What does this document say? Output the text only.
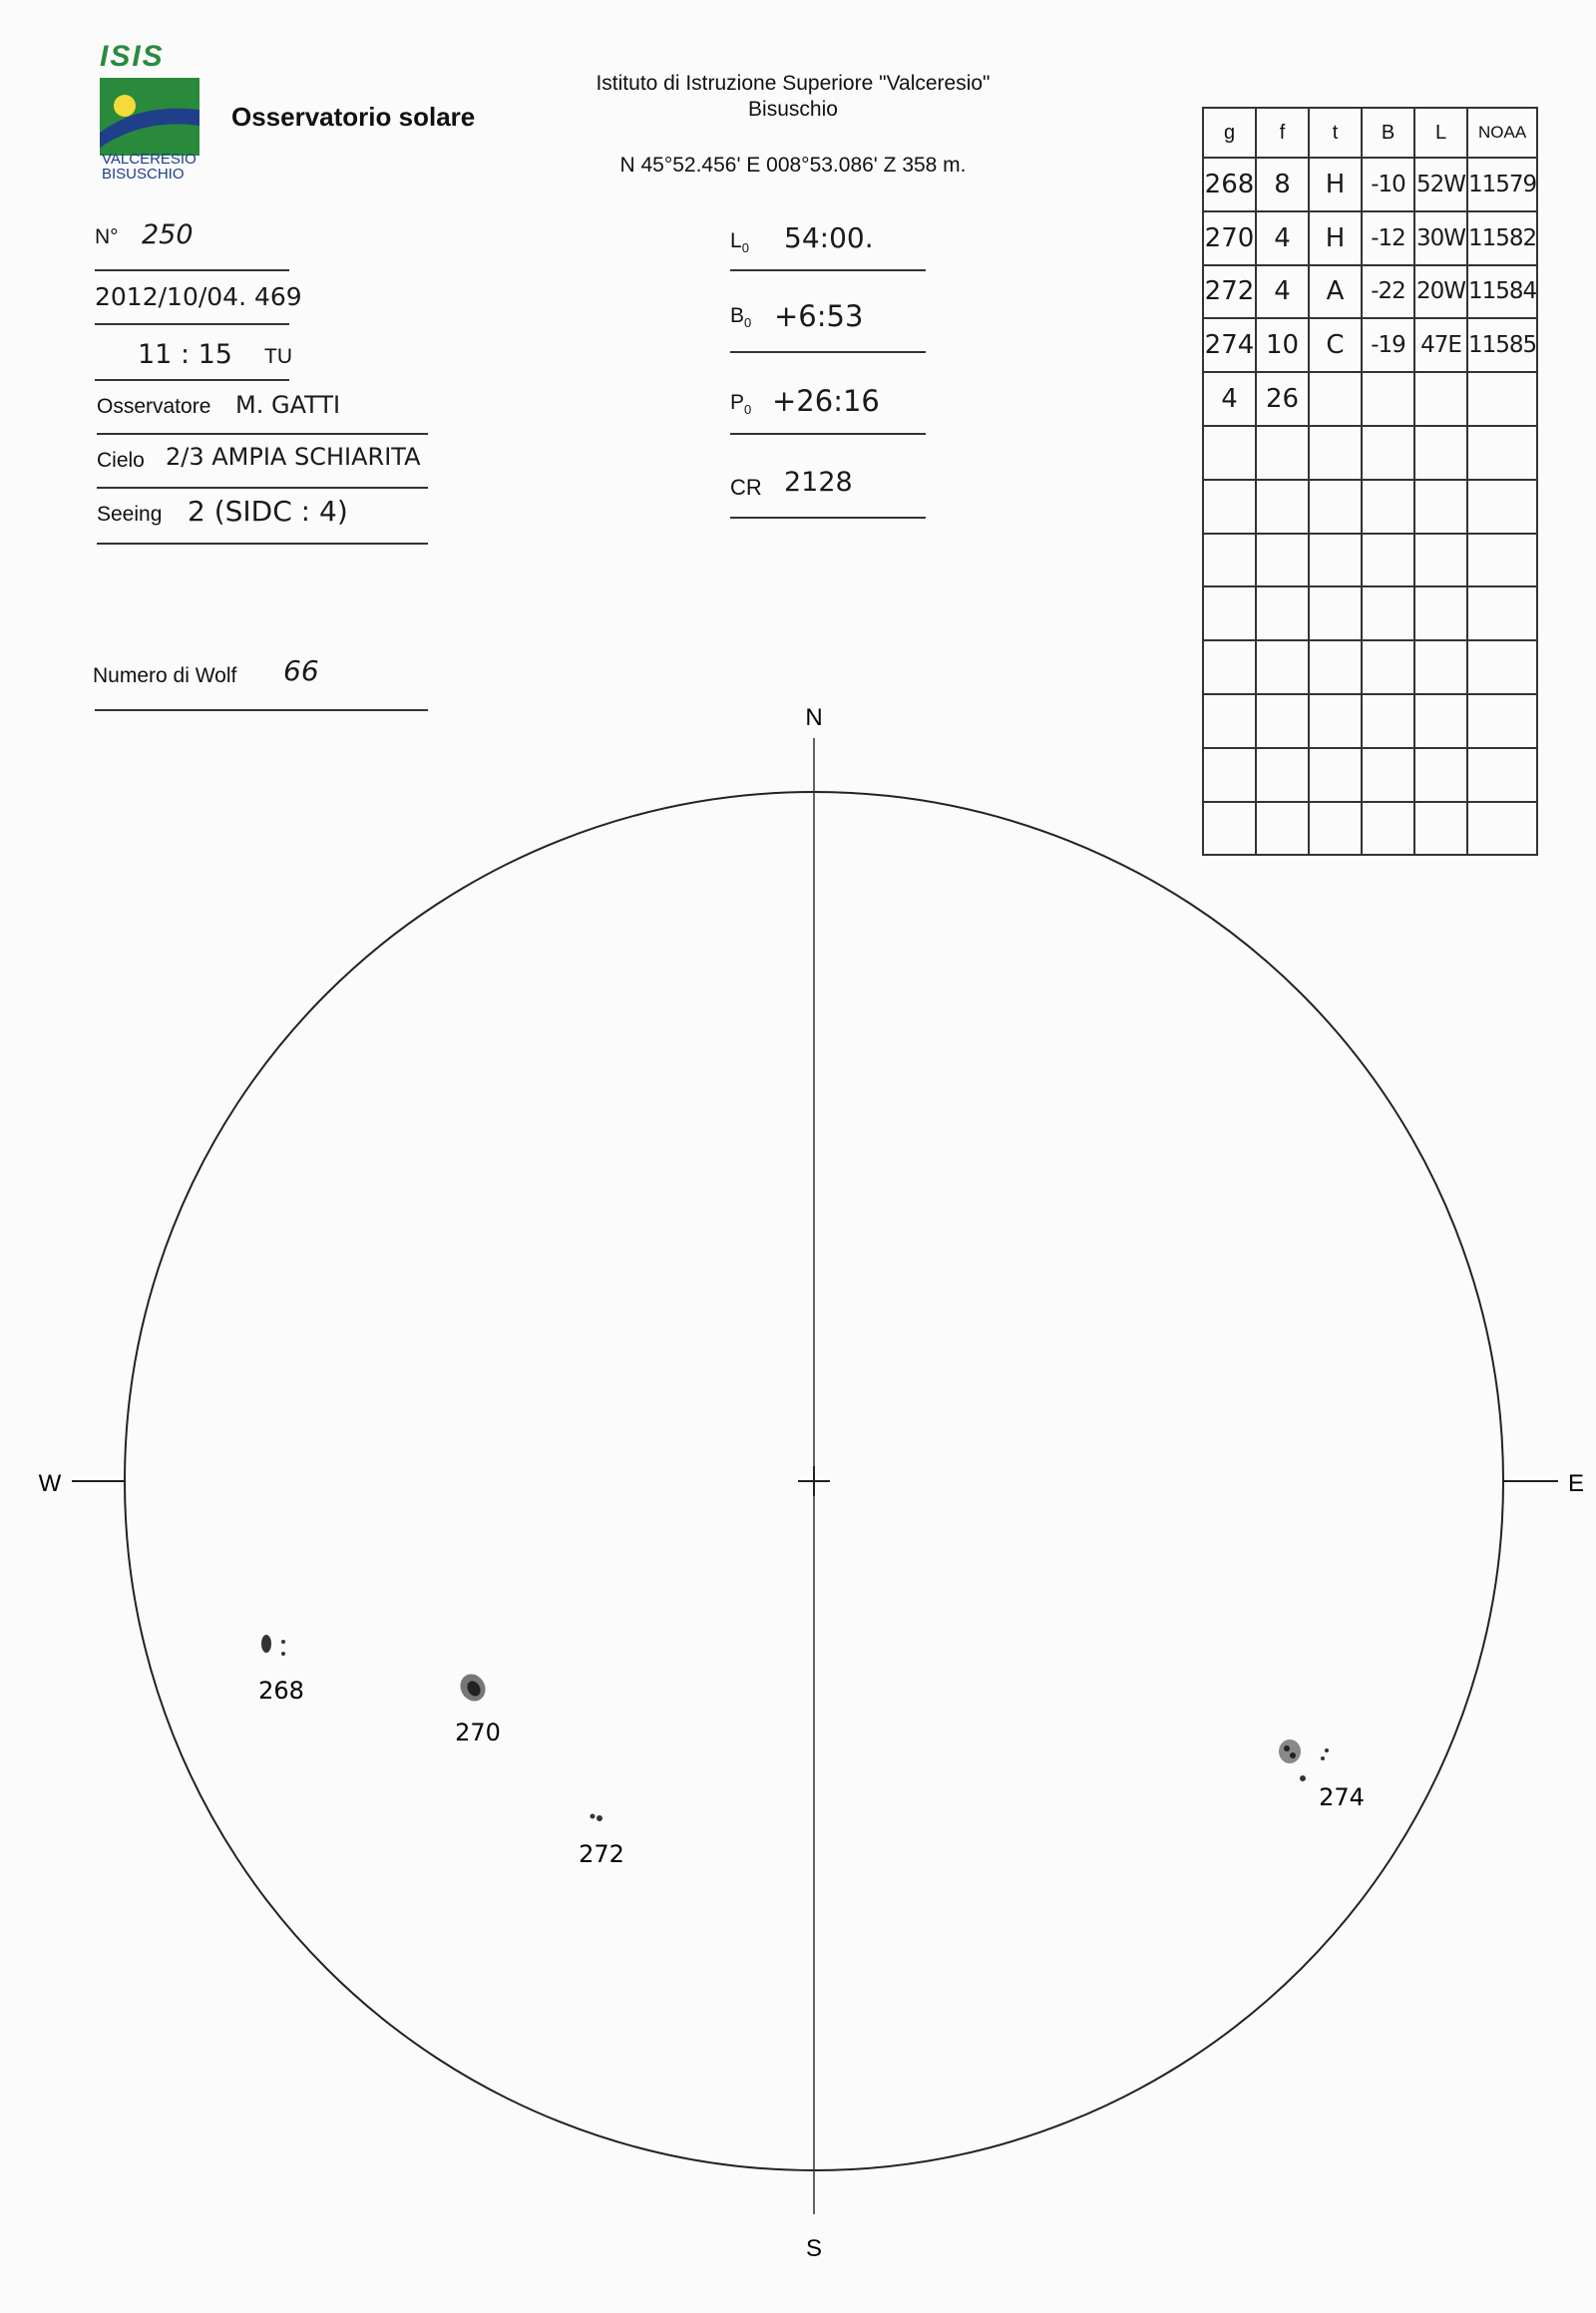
ISIS
VALCERESIO
BISUSCHIO
Osservatorio solare
Istituto di Istruzione Superiore "Valceresio"
Bisuschio
N 45°52.456' E 008°53.086' Z 358 m.
N° 250
2012/10/04. 469
11 : 15 TU
Osservatore M. GATTI
Cielo 2/3 AMPIA SCHIARITA
Seeing 2 (SIDC : 4)
Numero di Wolf 66
$L_0$ 54:00.
$B_0$ +6:53
$P_0$ +26:16
CR 2128
g	f	t	B	L	NOAA
268	8	H	-10	52W	11579
270	4	H	-12	30W	11582
272	4	A	-22	20W	11584
274	10	C	-19	47E	11585
4	26				

N
S
W	E
268
270
272
274
